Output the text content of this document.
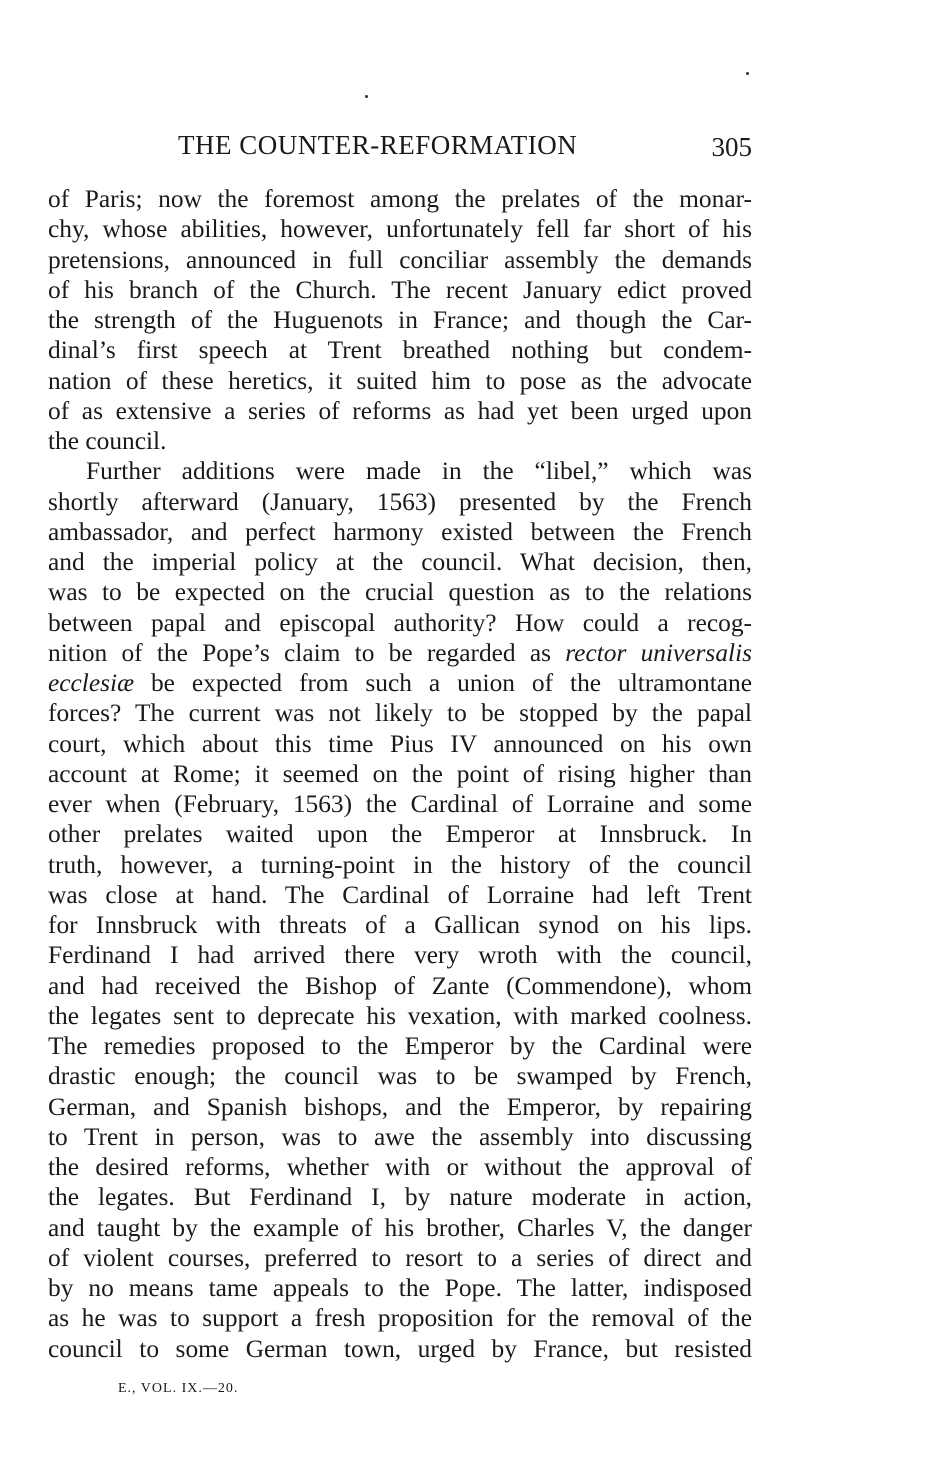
THE COUNTER-REFORMATION	305
of Paris; now the foremost among the prelates of the monar-
chy, whose abilities, however, unfortunately fell far short of his
pretensions, announced in full conciliar assembly the demands
of his branch of the Church. The recent January edict proved
the strength of the Huguenots in France; and though the Car-
dinal’s first speech at Trent breathed nothing but condem-
nation of these heretics, it suited him to pose as the advocate
of as extensive a series of reforms as had yet been urged upon
the council.
Further additions were made in the “libel,” which was
shortly afterward (January, 1563) presented by the French
ambassador, and perfect harmony existed between the French
and the imperial policy at the council. What decision, then,
was to be expected on the crucial question as to the relations
between papal and episcopal authority? How could a recog-
nition of the Pope’s claim to be regarded as rector universalis
ecclesiæ be expected from such a union of the ultramontane
forces? The current was not likely to be stopped by the papal
court, which about this time Pius IV announced on his own
account at Rome; it seemed on the point of rising higher than
ever when (February, 1563) the Cardinal of Lorraine and some
other prelates waited upon the Emperor at Innsbruck. In
truth, however, a turning-point in the history of the council
was close at hand. The Cardinal of Lorraine had left Trent
for Innsbruck with threats of a Gallican synod on his lips.
Ferdinand I had arrived there very wroth with the council,
and had received the Bishop of Zante (Commendone), whom
the legates sent to deprecate his vexation, with marked coolness.
The remedies proposed to the Emperor by the Cardinal were
drastic enough; the council was to be swamped by French,
German, and Spanish bishops, and the Emperor, by repairing
to Trent in person, was to awe the assembly into discussing
the desired reforms, whether with or without the approval of
the legates. But Ferdinand I, by nature moderate in action,
and taught by the example of his brother, Charles V, the danger
of violent courses, preferred to resort to a series of direct and
by no means tame appeals to the Pope. The latter, indisposed
as he was to support a fresh proposition for the removal of the
council to some German town, urged by France, but resisted
E., VOL. IX.—20.
